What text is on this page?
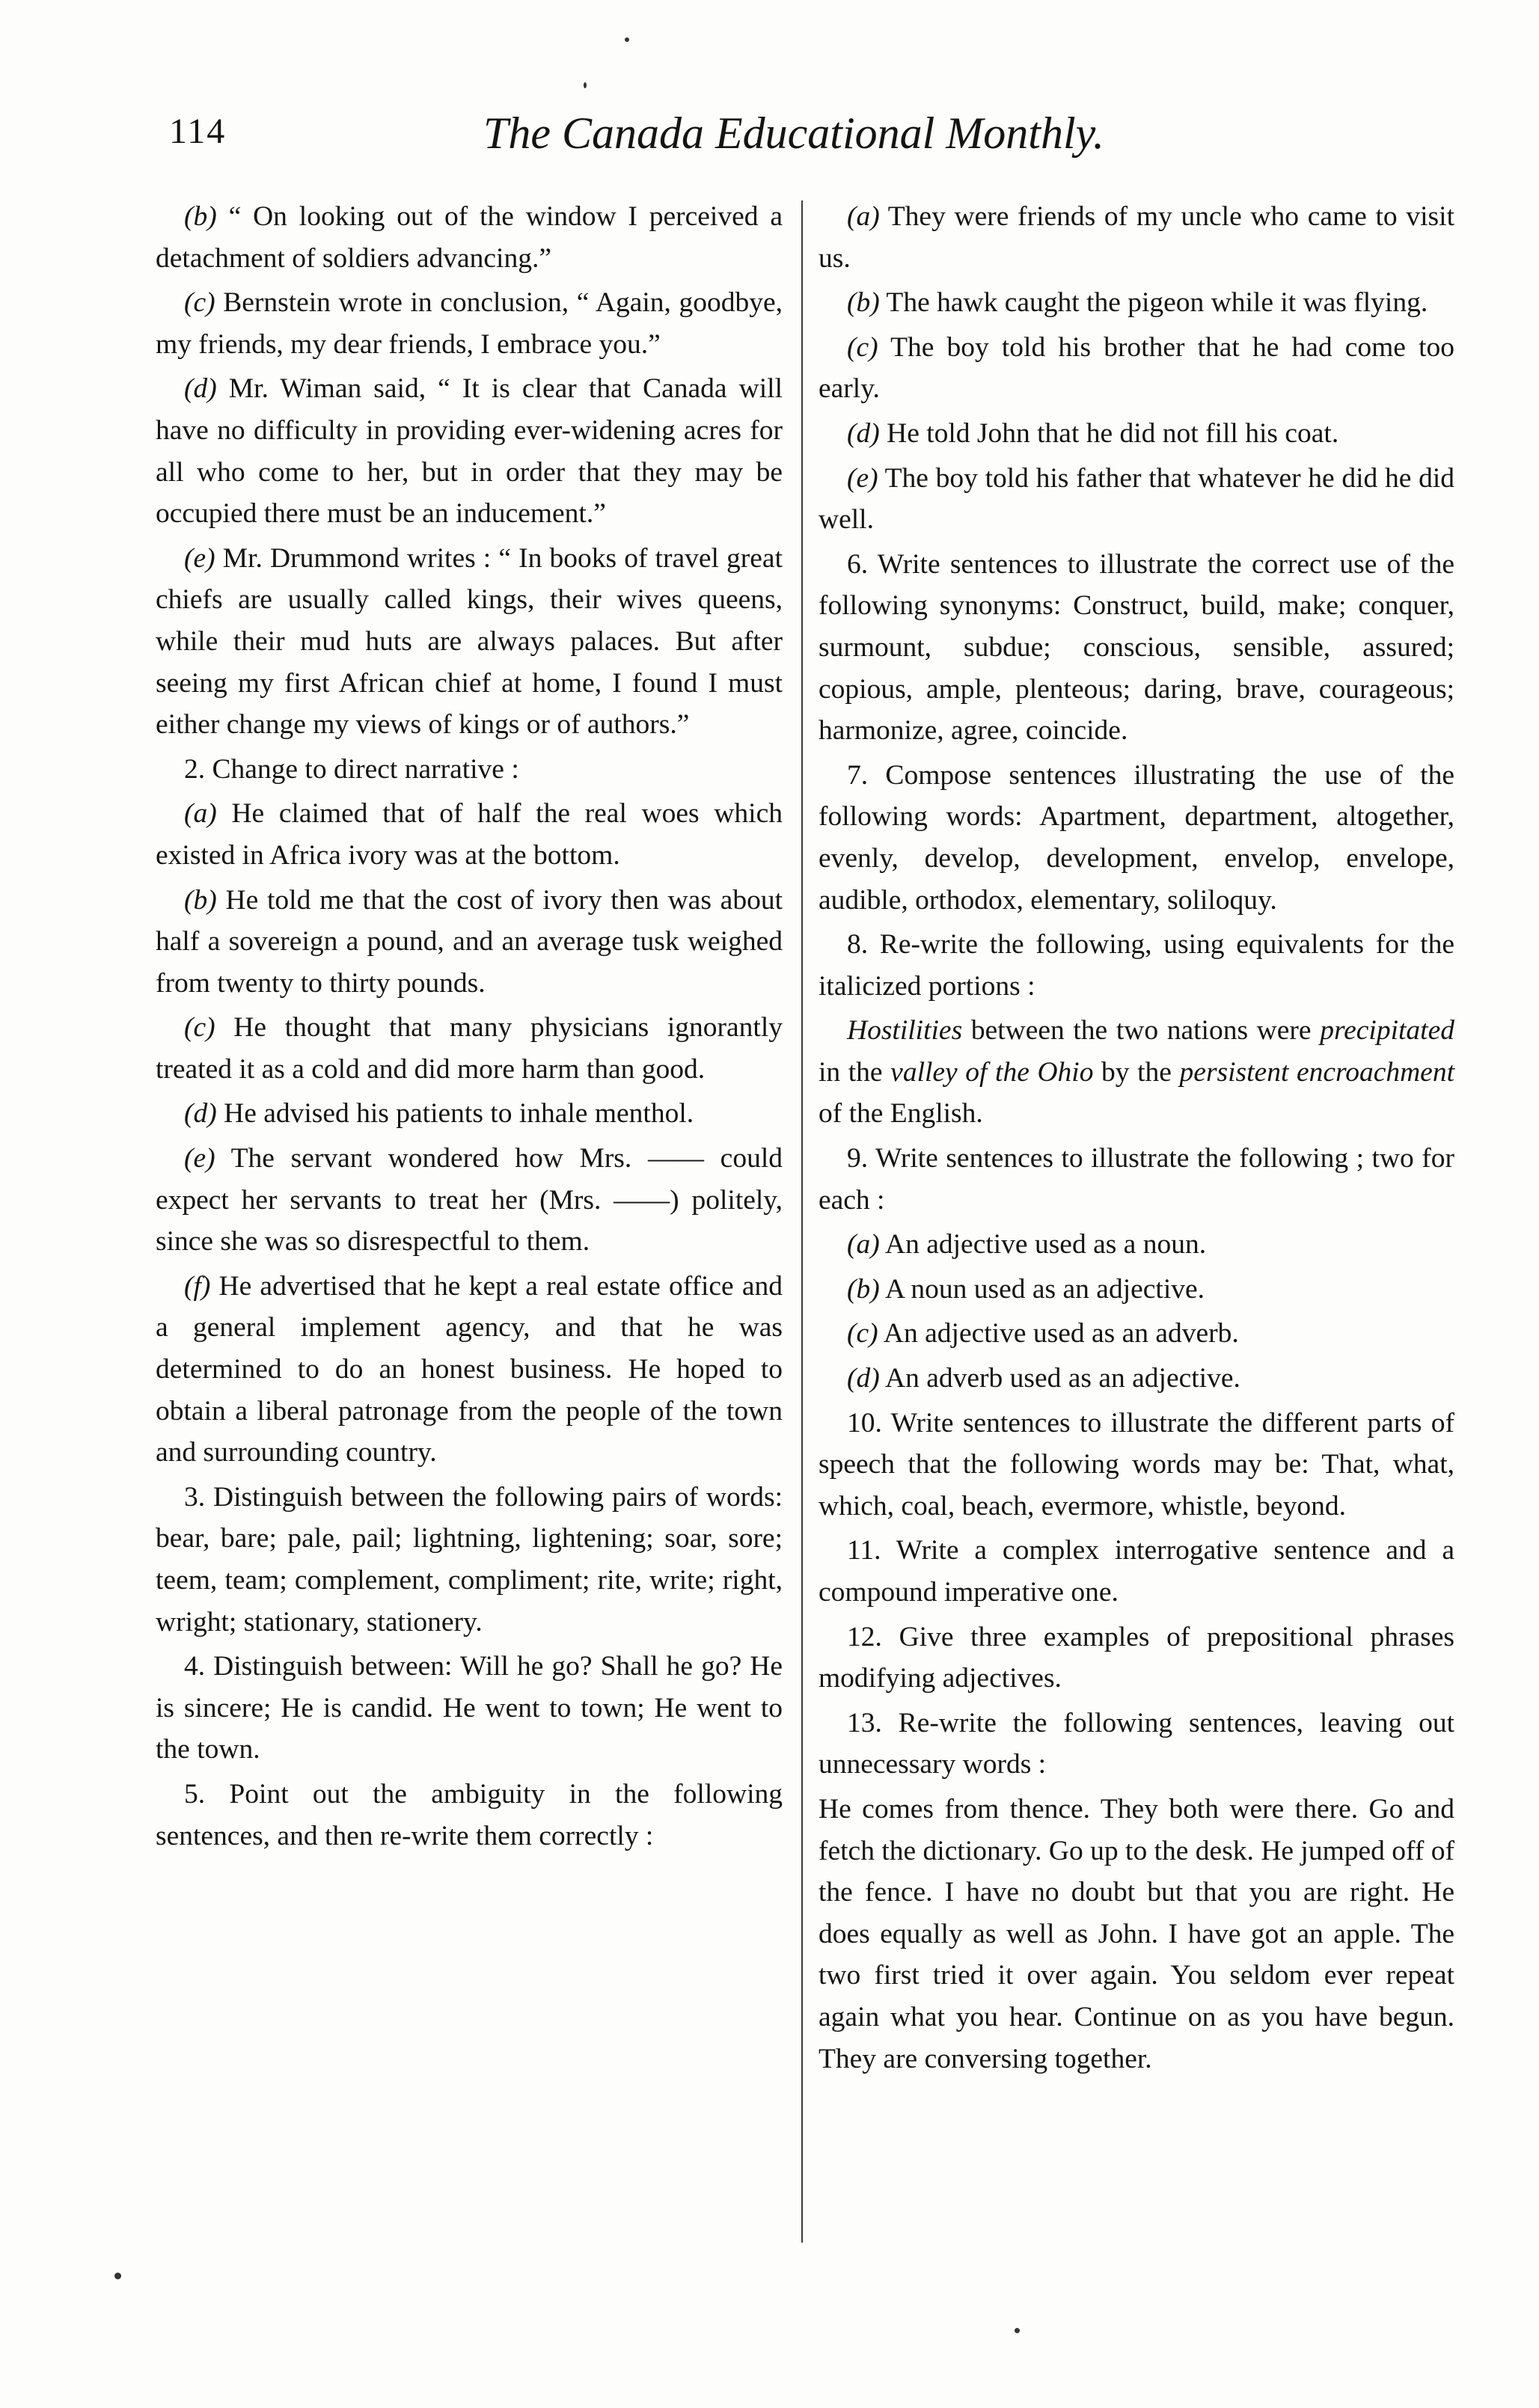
114	The Canada Educational Monthly.

(b) “ On looking out of the window I perceived a detachment of soldiers advancing.”

(c) Bernstein wrote in conclusion, “ Again, goodbye, my friends, my dear friends, I embrace you.”

(d) Mr. Wiman said, “ It is clear that Canada will have no difficulty in providing ever-widening acres for all who come to her, but in order that they may be occupied there must be an inducement.”

(e) Mr. Drummond writes : “ In books of travel great chiefs are usually called kings, their wives queens, while their mud huts are always palaces. But after seeing my first African chief at home, I found I must either change my views of kings or of authors.”

2. Change to direct narrative :

(a) He claimed that of half the real woes which existed in Africa ivory was at the bottom.

(b) He told me that the cost of ivory then was about half a sovereign a pound, and an average tusk weighed from twenty to thirty pounds.

(c) He thought that many physicians ignorantly treated it as a cold and did more harm than good.

(d) He advised his patients to inhale menthol.

(e) The servant wondered how Mrs. —— could expect her servants to treat her (Mrs. ——) politely, since she was so disrespectful to them.

(f) He advertised that he kept a real estate office and a general implement agency, and that he was determined to do an honest business. He hoped to obtain a liberal patronage from the people of the town and surrounding country.

3. Distinguish between the following pairs of words: bear, bare; pale, pail; lightning, lightening; soar, sore; teem, team; complement, compliment; rite, write; right, wright; stationary, stationery.

4. Distinguish between: Will he go? Shall he go? He is sincere; He is candid. He went to town; He went to the town.

5. Point out the ambiguity in the following sentences, and then re-write them correctly :

(a) They were friends of my uncle who came to visit us.

(b) The hawk caught the pigeon while it was flying.

(c) The boy told his brother that he had come too early.

(d) He told John that he did not fill his coat.

(e) The boy told his father that whatever he did he did well.

6. Write sentences to illustrate the correct use of the following synonyms: Construct, build, make; conquer, surmount, subdue; conscious, sensible, assured; copious, ample, plenteous; daring, brave, courageous; harmonize, agree, coincide.

7. Compose sentences illustrating the use of the following words: Apartment, department, altogether, evenly, develop, development, envelop, envelope, audible, orthodox, elementary, soliloquy.

8. Re-write the following, using equivalents for the italicized portions :

Hostilities between the two nations were precipitated in the valley of the Ohio by the persistent encroachment of the English.

9. Write sentences to illustrate the following ; two for each :

(a) An adjective used as a noun.

(b) A noun used as an adjective.

(c) An adjective used as an adverb.

(d) An adverb used as an adjective.

10. Write sentences to illustrate the different parts of speech that the following words may be: That, what, which, coal, beach, evermore, whistle, beyond.

11. Write a complex interrogative sentence and a compound imperative one.

12. Give three examples of prepositional phrases modifying adjectives.

13. Re-write the following sentences, leaving out unnecessary words :

He comes from thence. They both were there. Go and fetch the dictionary. Go up to the desk. He jumped off of the fence. I have no doubt but that you are right. He does equally as well as John. I have got an apple. The two first tried it over again. You seldom ever repeat again what you hear. Continue on as you have begun. They are conversing together.
